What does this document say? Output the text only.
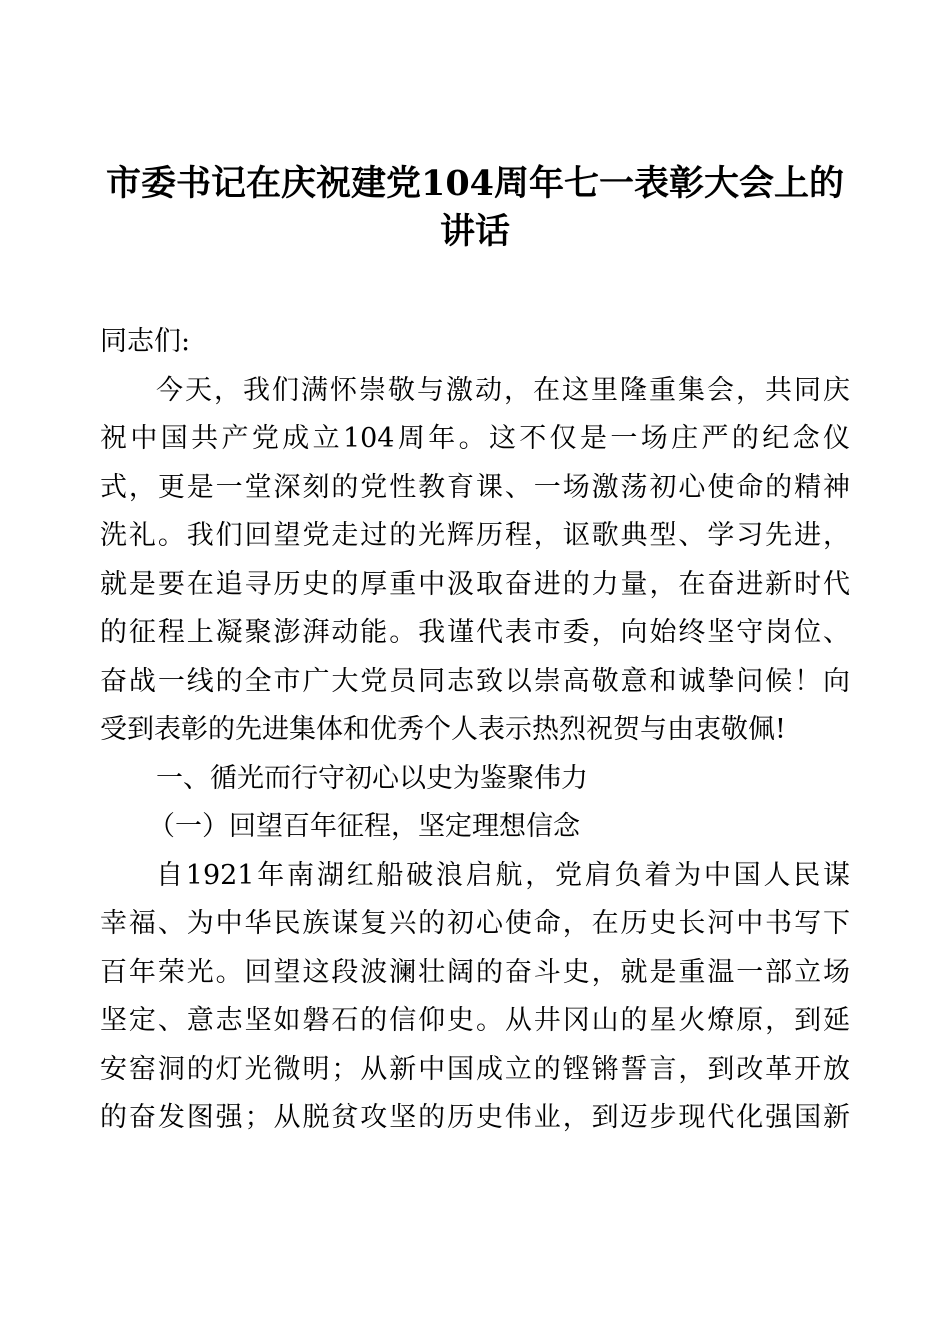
市委书记在庆祝建党104周年七一表彰大会上的
讲话
同志们:
今天，我们满怀崇敬与激动，在这里隆重集会，共同庆
祝中国共产党成立104周年。这不仅是一场庄严的纪念仪
式，更是一堂深刻的党性教育课、一场激荡初心使命的精神
洗礼。我们回望党走过的光辉历程，讴歌典型、学习先进，
就是要在追寻历史的厚重中汲取奋进的力量，在奋进新时代
的征程上凝聚澎湃动能。我谨代表市委，向始终坚守岗位、
奋战一线的全市广大党员同志致以崇高敬意和诚挚问候！向
受到表彰的先进集体和优秀个人表示热烈祝贺与由衷敬佩!
一、循光而行守初心以史为鉴聚伟力
（一）回望百年征程，坚定理想信念
自1921年南湖红船破浪启航，党肩负着为中国人民谋
幸福、为中华民族谋复兴的初心使命，在历史长河中书写下
百年荣光。回望这段波澜壮阔的奋斗史，就是重温一部立场
坚定、意志坚如磐石的信仰史。从井冈山的星火燎原，到延
安窑洞的灯光微明；从新中国成立的铿锵誓言，到改革开放
的奋发图强；从脱贫攻坚的历史伟业，到迈步现代化强国新
